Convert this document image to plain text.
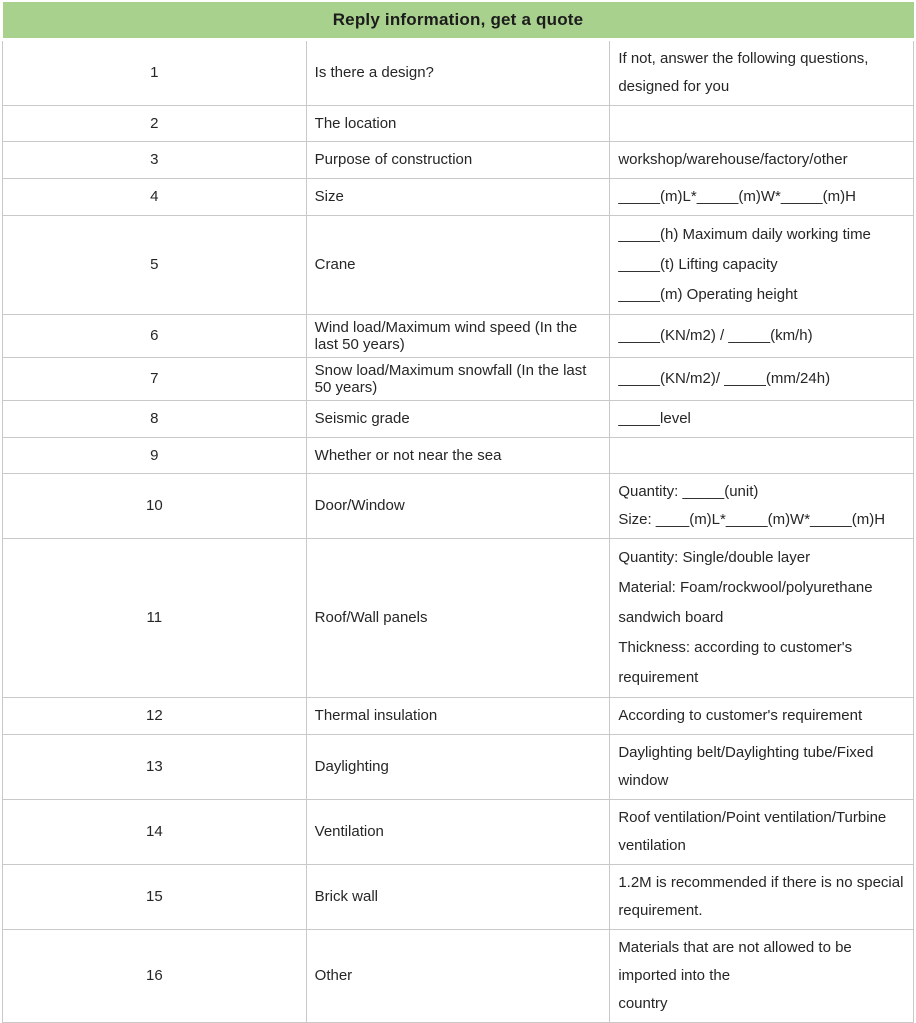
Reply information, get a quote		
1	Is there a design?	If not, answer the following questions, designed for you

2	The location	
3	Purpose of construction	workshop/warehouse/factory/other

4	Size	_____(m)L*_____(m)W*_____(m)H

5	Crane	_____(h) Maximum daily working time
_____(t) Lifting capacity
_____(m) Operating height

6	Wind load/Maximum wind speed (In the last 50 years)	_____(KN/m2) / _____(km/h)

7	Snow load/Maximum snowfall (In the last 50 years)	_____(KN/m2)/ _____(mm/24h)

8	Seismic grade	_____level

9	Whether or not near the sea	
10	Door/Window	Quantity: _____(unit)
Size: ____(m)L*_____(m)W*_____(m)H

11	Roof/Wall panels	Quantity: Single/double layer
Material: Foam/rockwool/polyurethane sandwich board
Thickness: according to customer's requirement

12	Thermal insulation	According to customer's requirement

13	Daylighting	Daylighting belt/Daylighting tube/Fixed window

14	Ventilation	Roof ventilation/Point ventilation/Turbine ventilation

15	Brick wall	1.2M is recommended if there is no special requirement.

16	Other	Materials that are not allowed to be imported into the
country
